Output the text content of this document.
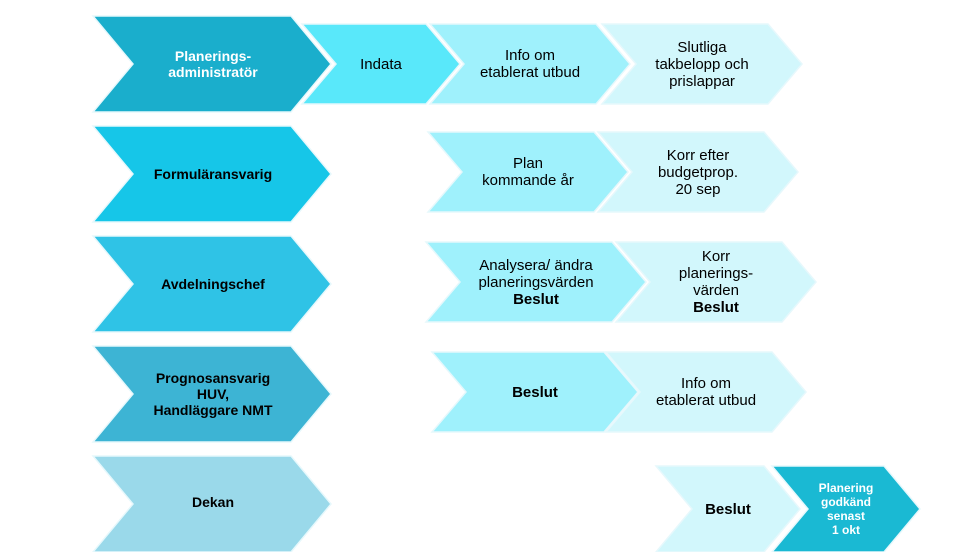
Planerings-
administratör	Indata	Info om
etablerat utbud
Slutliga
takbelopp och
prislappar
Formuläransvarig
Plan
kommande år
Korr efter
budgetprop.
20 sep
Avdelningschef
Analysera/ ändra
planeringsvärden
Beslut
Korr
planerings-
värden
Beslut
Prognosansvarig
HUV,
Handläggare NMT
Beslut	Info om
etablerat utbud
Dekan	Beslut
Planering
godkänd
senast
1 okt
